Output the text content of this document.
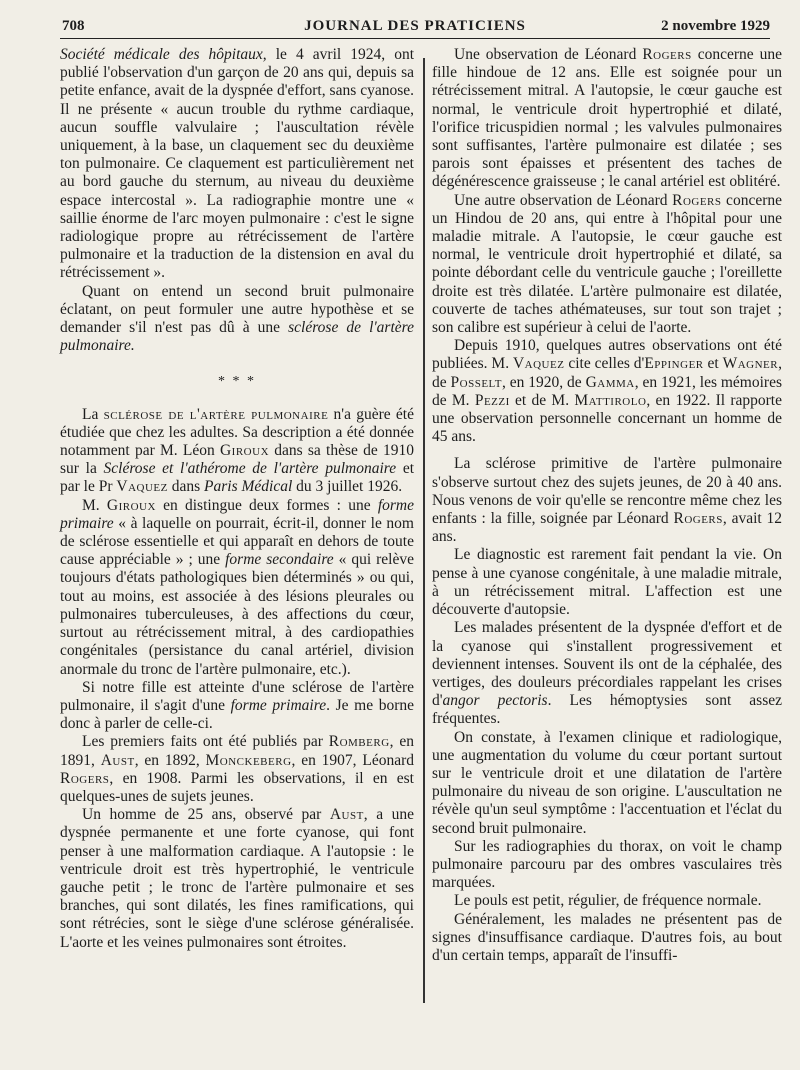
708	JOURNAL DES PRATICIENS	2 novembre 1929

Société médicale des hôpitaux, le 4 avril 1924, ont publié l'observation d'un garçon de 20 ans qui, depuis sa petite enfance, avait de la dyspnée d'effort, sans cyanose. Il ne présente « aucun trouble du rythme cardiaque, aucun souffle valvulaire ; l'auscultation révèle uniquement, à la base, un claquement sec du deuxième ton pulmonaire. Ce claquement est particulièrement net au bord gauche du sternum, au niveau du deuxième espace intercostal ». La radiographie montre une « saillie énorme de l'arc moyen pulmonaire : c'est le signe radiologique propre au rétrécissement de l'artère pulmonaire et la traduction de la distension en aval du rétrécissement ».

Quant on entend un second bruit pulmonaire éclatant, on peut formuler une autre hypothèse et se demander s'il n'est pas dû à une sclérose de l'artère pulmonaire.

* * *

La sclérose de l'artère pulmonaire n'a guère été étudiée que chez les adultes. Sa description a été donnée notamment par M. Léon Giroux dans sa thèse de 1910 sur la Sclérose et l'athérome de l'artère pulmonaire et par le Pr Vaquez dans Paris Médical du 3 juillet 1926.

M. Giroux en distingue deux formes : une forme primaire « à laquelle on pourrait, écrit-il, donner le nom de sclérose essentielle et qui apparaît en dehors de toute cause appréciable » ; une forme secondaire « qui relève toujours d'états pathologiques bien déterminés » ou qui, tout au moins, est associée à des lésions pleurales ou pulmonaires tuberculeuses, à des affections du cœur, surtout au rétrécissement mitral, à des cardiopathies congénitales (persistance du canal artériel, division anormale du tronc de l'artère pulmonaire, etc.).

Si notre fille est atteinte d'une sclérose de l'artère pulmonaire, il s'agit d'une forme primaire. Je me borne donc à parler de celle-ci.

Les premiers faits ont été publiés par Romberg, en 1891, Aust, en 1892, Monckeberg, en 1907, Léonard Rogers, en 1908. Parmi les observations, il en est quelques-unes de sujets jeunes.

Un homme de 25 ans, observé par Aust, a une dyspnée permanente et une forte cyanose, qui font penser à une malformation cardiaque. A l'autopsie : le ventricule droit est très hypertrophié, le ventricule gauche petit ; le tronc de l'artère pulmonaire et ses branches, qui sont dilatés, les fines ramifications, qui sont rétrécies, sont le siège d'une sclérose généralisée. L'aorte et les veines pulmonaires sont étroites.

Une observation de Léonard Rogers concerne une fille hindoue de 12 ans. Elle est soignée pour un rétrécissement mitral. A l'autopsie, le cœur gauche est normal, le ventricule droit hypertrophié et dilaté, l'orifice tricuspidien normal ; les valvules pulmonaires sont suffisantes, l'artère pulmonaire est dilatée ; ses parois sont épaisses et présentent des taches de dégénérescence graisseuse ; le canal artériel est oblitéré.

Une autre observation de Léonard Rogers concerne un Hindou de 20 ans, qui entre à l'hôpital pour une maladie mitrale. A l'autopsie, le cœur gauche est normal, le ventricule droit hypertrophié et dilaté, sa pointe débordant celle du ventricule gauche ; l'oreillette droite est très dilatée. L'artère pulmonaire est dilatée, couverte de taches athémateuses, sur tout son trajet ; son calibre est supérieur à celui de l'aorte.

Depuis 1910, quelques autres observations ont été publiées. M. Vaquez cite celles d'Eppinger et Wagner, de Posselt, en 1920, de Gamma, en 1921, les mémoires de M. Pezzi et de M. Mattirolo, en 1922. Il rapporte une observation personnelle concernant un homme de 45 ans.

La sclérose primitive de l'artère pulmonaire s'observe surtout chez des sujets jeunes, de 20 à 40 ans. Nous venons de voir qu'elle se rencontre même chez les enfants : la fille, soignée par Léonard Rogers, avait 12 ans.

Le diagnostic est rarement fait pendant la vie. On pense à une cyanose congénitale, à une maladie mitrale, à un rétrécissement mitral. L'affection est une découverte d'autopsie.

Les malades présentent de la dyspnée d'effort et de la cyanose qui s'installent progressivement et deviennent intenses. Souvent ils ont de la céphalée, des vertiges, des douleurs précordiales rappelant les crises d'angor pectoris. Les hémoptysies sont assez fréquentes.

On constate, à l'examen clinique et radiologique, une augmentation du volume du cœur portant surtout sur le ventricule droit et une dilatation de l'artère pulmonaire du niveau de son origine. L'auscultation ne révèle qu'un seul symptôme : l'accentuation et l'éclat du second bruit pulmonaire.

Sur les radiographies du thorax, on voit le champ pulmonaire parcouru par des ombres vasculaires très marquées.

Le pouls est petit, régulier, de fréquence normale.

Généralement, les malades ne présentent pas de signes d'insuffisance cardiaque. D'autres fois, au bout d'un certain temps, apparaît de l'insuffi-
